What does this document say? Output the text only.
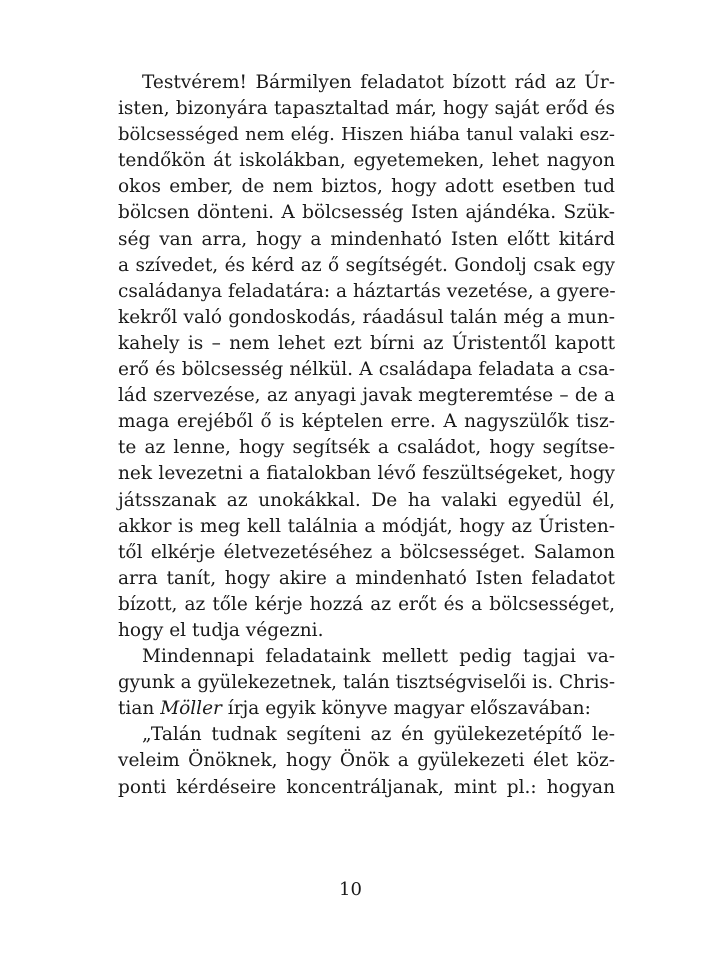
Testvérem! Bármilyen feladatot bízott rád az Úr-
isten, bizonyára tapasztaltad már, hogy saját erőd és
bölcsességed nem elég. Hiszen hiába tanul valaki esz-
tendőkön át iskolákban, egyetemeken, lehet nagyon
okos ember, de nem biztos, hogy adott esetben tud
bölcsen dönteni. A bölcsesség Isten ajándéka. Szük-
ség van arra, hogy a mindenható Isten előtt kitárd
a szívedet, és kérd az ő segítségét. Gondolj csak egy
családanya feladatára: a háztartás vezetése, a gyere-
kekről való gondoskodás, ráadásul talán még a mun-
kahely is – nem lehet ezt bírni az Úristentől kapott
erő és bölcsesség nélkül. A családapa feladata a csa-
lád szervezése, az anyagi javak megteremtése – de a
maga erejéből ő is képtelen erre. A nagyszülők tisz-
te az lenne, hogy segítsék a családot, hogy segítse-
nek levezetni a fiatalokban lévő feszültségeket, hogy
játsszanak az unokákkal. De ha valaki egyedül él,
akkor is meg kell találnia a módját, hogy az Úristen-
től elkérje életvezetéséhez a bölcsességet. Salamon
arra tanít, hogy akire a mindenható Isten feladatot
bízott, az tőle kérje hozzá az erőt és a bölcsességet,
hogy el tudja végezni.
Mindennapi feladataink mellett pedig tagjai va-
gyunk a gyülekezetnek, talán tisztségviselői is. Chris-
tian Möller írja egyik könyve magyar előszavában:
„Talán tudnak segíteni az én gyülekezetépítő le-
veleim Önöknek, hogy Önök a gyülekezeti élet köz-
ponti kérdéseire koncentráljanak, mint pl.: hogyan
10
